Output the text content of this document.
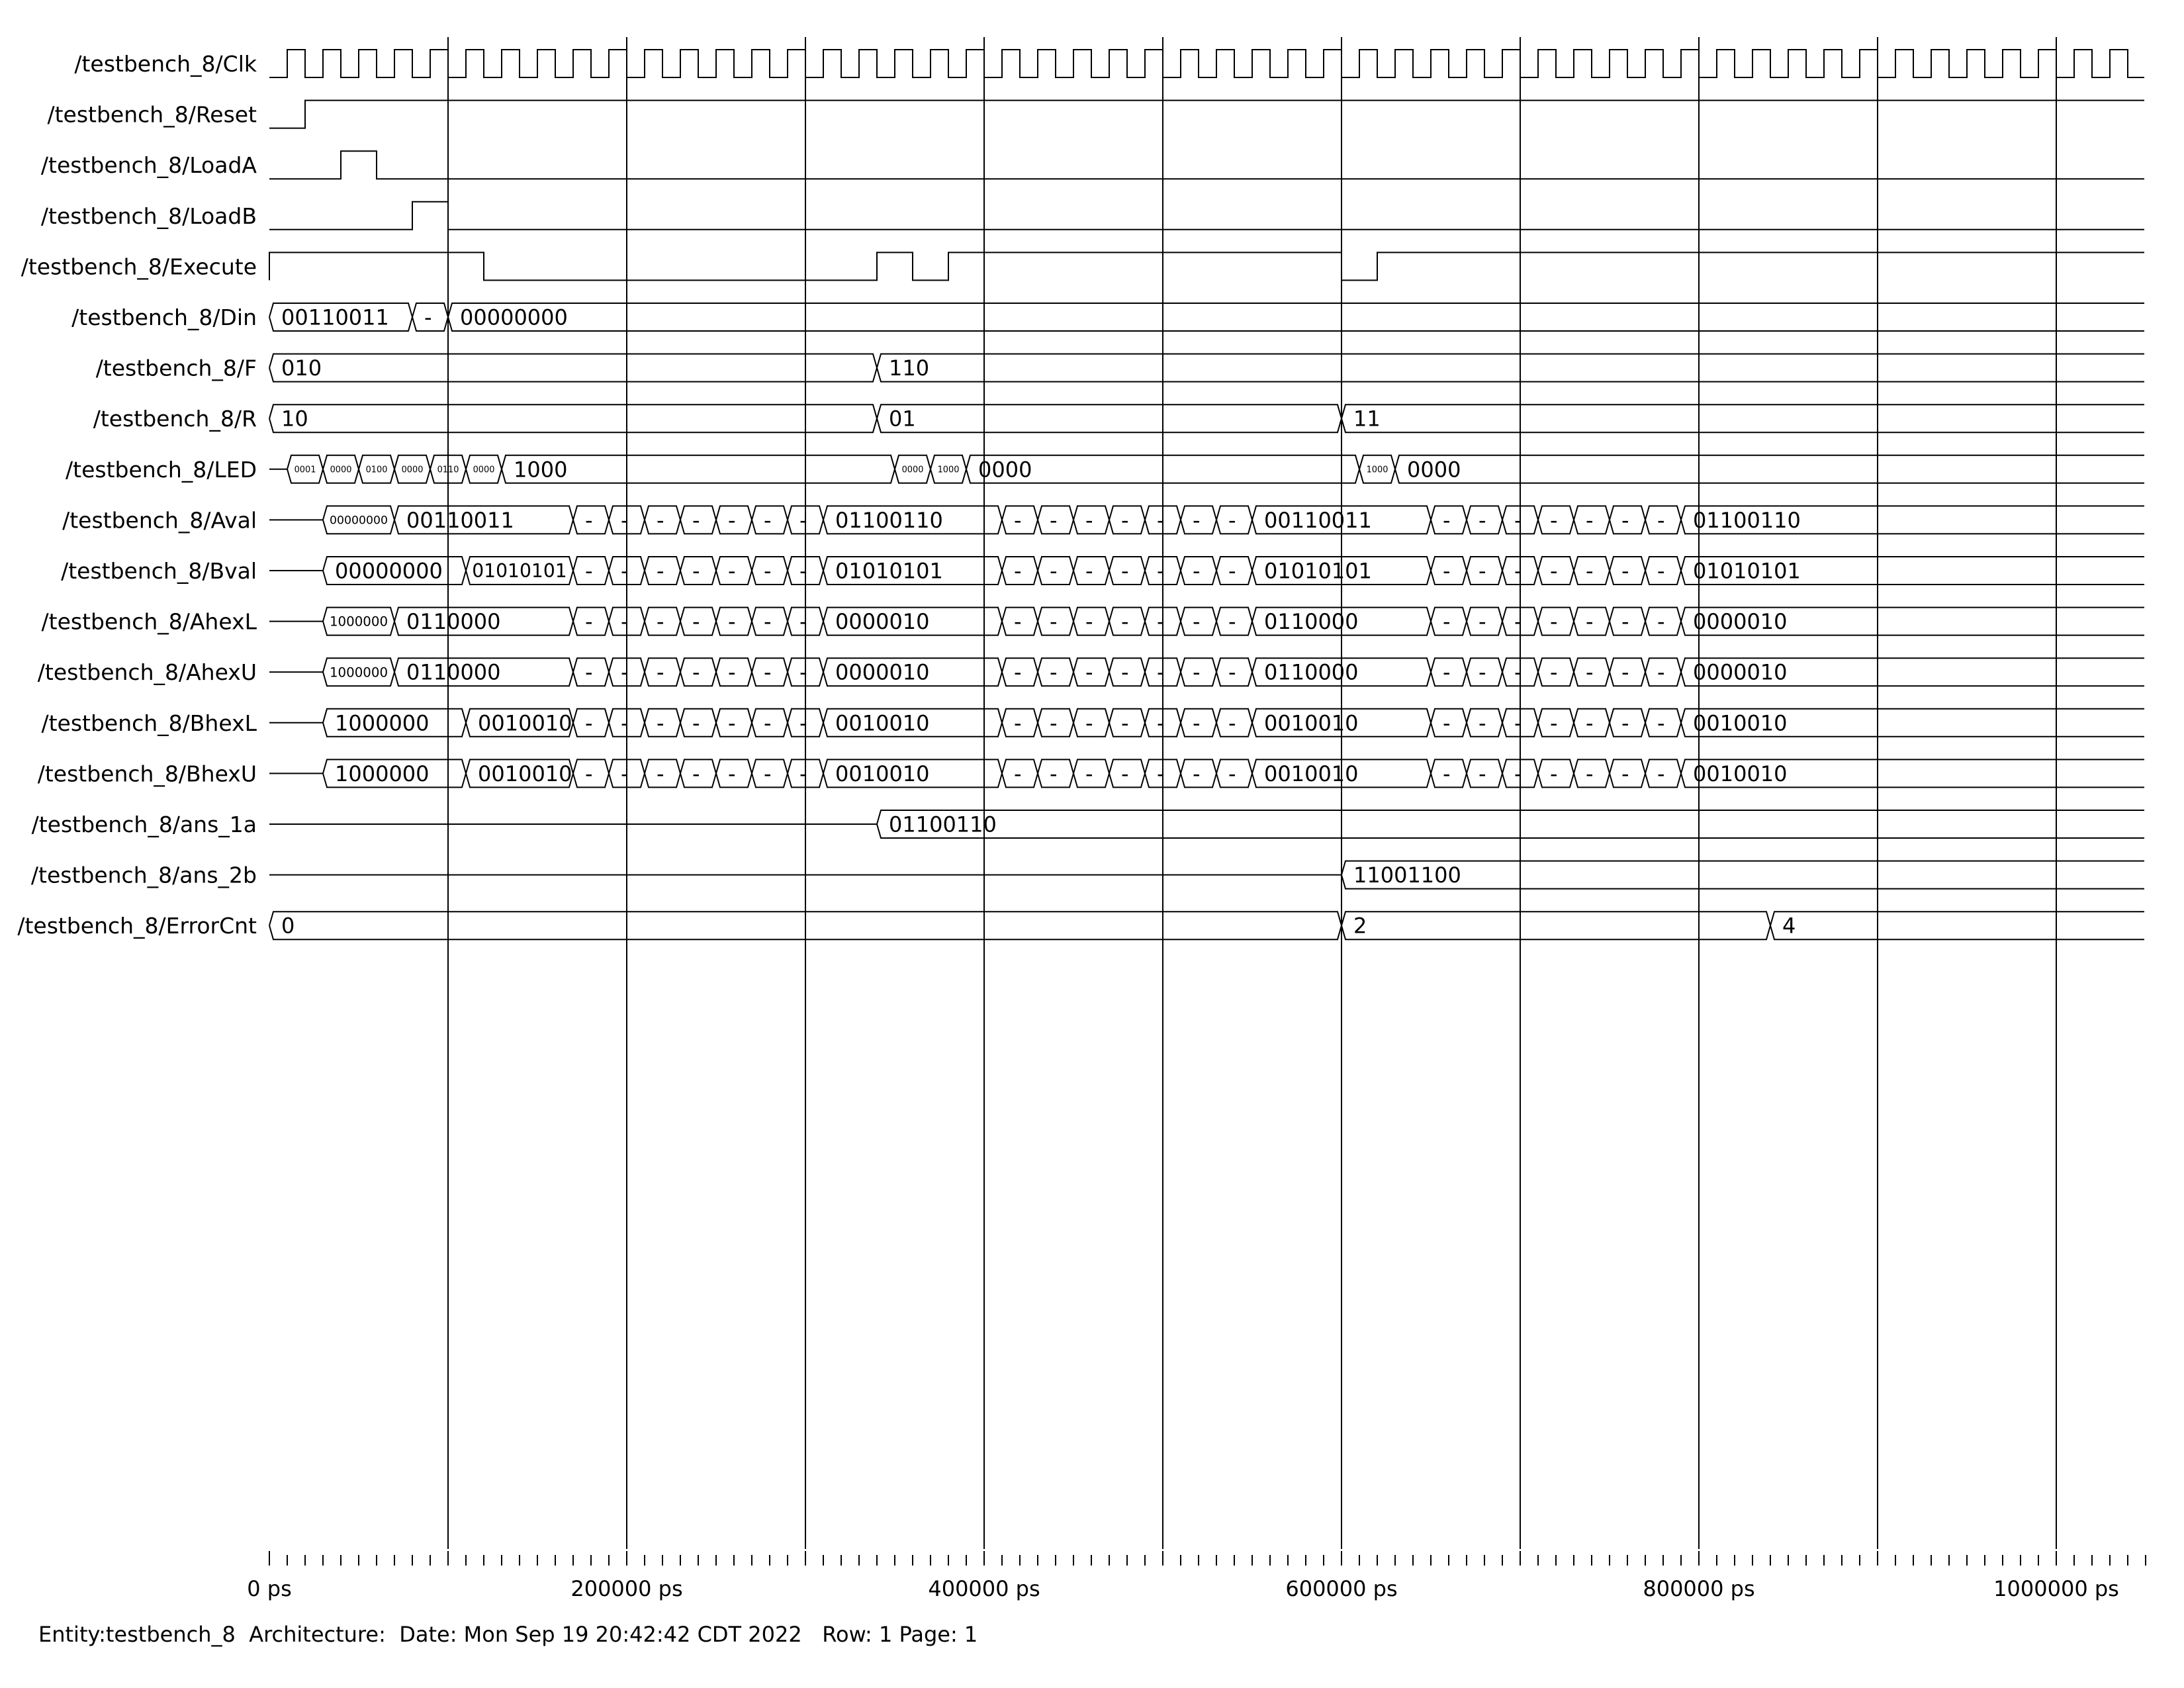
0 ps	200000 ps	400000 ps	600000 ps	800000 ps	1000000 ps
/testbench_8/Clk
/testbench_8/Reset
/testbench_8/LoadA
/testbench_8/LoadB
/testbench_8/Execute
/testbench_8/Din 00110011 - 00000000
/testbench_8/F 010	110
/testbench_8/R 10	01	11
/testbench_8/LED	0001 0000 0100 0000 0110 0000 1000	0000 1000 0000	1000 0000
/testbench_8/Aval	00000000 00110011	- - - - - - - 01100110	- - - - - - - 00110011	- - - - - - - 01100110
/testbench_8/Bval	00000000 01010101 - - - - - - - 01010101	- - - - - - - 01010101	- - - - - - - 01010101
/testbench_8/AhexL	1000000 0110000	- - - - - - - 0000010	- - - - - - - 0110000	- - - - - - - 0000010
/testbench_8/AhexU	1000000 0110000	- - - - - - - 0000010	- - - - - - - 0110000	- - - - - - - 0000010
/testbench_8/BhexL	1000000 0010010 - - - - - - - 0010010	- - - - - - - 0010010	- - - - - - - 0010010
/testbench_8/BhexU	1000000 0010010 - - - - - - - 0010010	- - - - - - - 0010010	- - - - - - - 0010010
/testbench_8/ans_1a	01100110
/testbench_8/ans_2b	11001100
/testbench_8/ErrorCnt 0	2	4
Entity:testbench_8  Architecture:  Date: Mon Sep 19 20:42:42 CDT 2022   Row: 1 Page: 1
